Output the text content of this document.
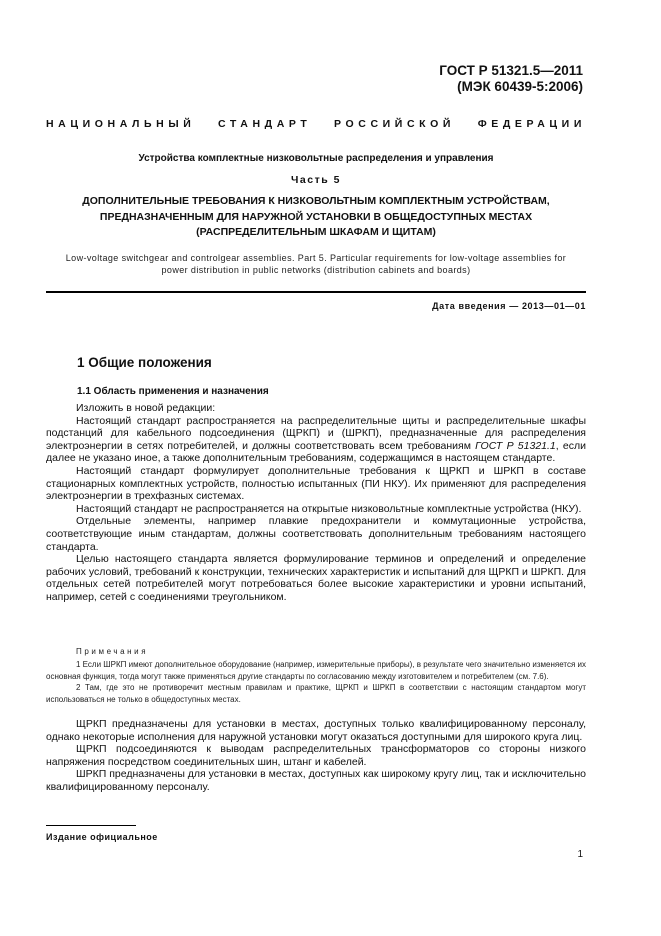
ГОСТ Р 51321.5—2011
(МЭК 60439-5:2006)
НАЦИОНАЛЬНЫЙ СТАНДАРТ РОССИЙСКОЙ ФЕДЕРАЦИИ
Устройства комплектные низковольтные распределения и управления
Часть 5
ДОПОЛНИТЕЛЬНЫЕ ТРЕБОВАНИЯ К НИЗКОВОЛЬТНЫМ КОМПЛЕКТНЫМ УСТРОЙСТВАМ,
ПРЕДНАЗНАЧЕННЫМ ДЛЯ НАРУЖНОЙ УСТАНОВКИ В ОБЩЕДОСТУПНЫХ МЕСТАХ
(РАСПРЕДЕЛИТЕЛЬНЫМ ШКАФАМ И ЩИТАМ)
Low-voltage switchgear and controlgear assemblies. Part 5. Particular requirements for low-voltage assemblies for
power distribution in public networks (distribution cabinets and boards)
Дата введения — 2013—01—01
1 Общие положения
1.1 Область применения и назначения

Изложить в новой редакции:

Настоящий стандарт распространяется на распределительные щиты и распределительные шкафы подстанций для кабельного подсоединения (ЩРКП) и (ШРКП), предназначенные для распределения электроэнергии в сетях потребителей, и должны соответствовать всем требованиям ГОСТ Р 51321.1, если далее не указано иное, а также дополнительным требованиям, содержащимся в настоящем стандарте.

Настоящий стандарт формулирует дополнительные требования к ЩРКП и ШРКП в составе стационарных комплектных устройств, полностью испытанных (ПИ НКУ). Их применяют для распределения электроэнергии в трехфазных системах.

Настоящий стандарт не распространяется на открытые низковольтные комплектные устройства (НКУ).

Отдельные элементы, например плавкие предохранители и коммутационные устройства, соответствующие иным стандартам, должны соответствовать дополнительным требованиям настоящего стандарта.

Целью настоящего стандарта является формулирование терминов и определений и определение рабочих условий, требований к конструкции, технических характеристик и испытаний для ЩРКП и ШРКП. Для отдельных сетей потребителей могут потребоваться более высокие характеристики и уровни испытаний, например, сетей с соединениями треугольником.

Примечания

1 Если ШРКП имеют дополнительное оборудование (например, измерительные приборы), в результате чего значительно изменяется их основная функция, тогда могут также применяться другие стандарты по согласованию между изготовителем и потребителем (см. 7.6).

2 Там, где это не противоречит местным правилам и практике, ЩРКП и ШРКП в соответствии с настоящим стандартом могут использоваться не только в общедоступных местах.

ЩРКП предназначены для установки в местах, доступных только квалифицированному персоналу, однако некоторые исполнения для наружной установки могут оказаться доступными для широкого круга лиц.

ЩРКП подсоединяются к выводам распределительных трансформаторов со стороны низкого напряжения посредством соединительных шин, штанг и кабелей.

ШРКП предназначены для установки в местах, доступных как широкому кругу лиц, так и исключительно квалифицированному персоналу.

Издание официальное
1
